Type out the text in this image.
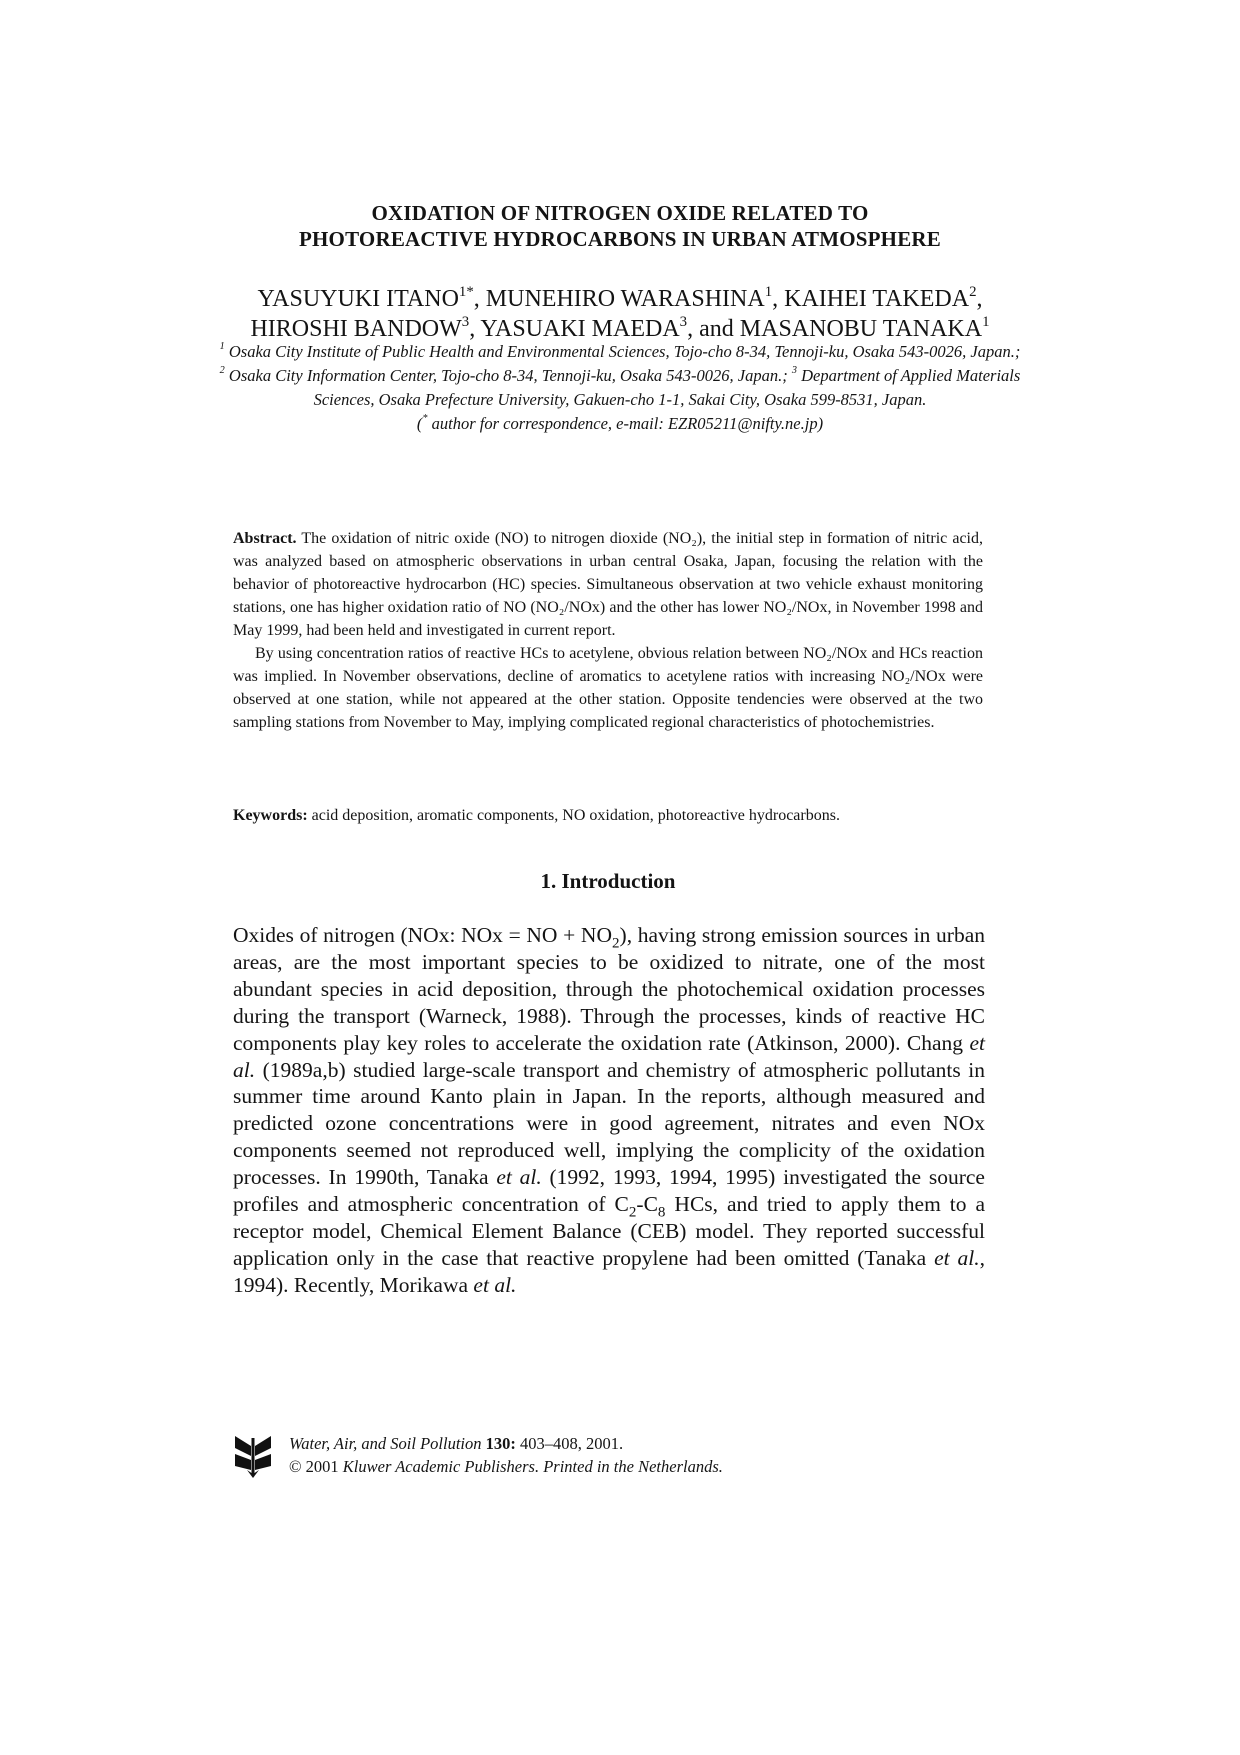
OXIDATION OF NITROGEN OXIDE RELATED TO
PHOTOREACTIVE HYDROCARBONS IN URBAN ATMOSPHERE
YASUYUKI $ITANO^{1*}$, MUNEHIRO WARASHINA$^1$, KAIHEI TAKEDA$^2$,
HIROSHI BANDOW$^3$, YASUAKI MAEDA$^3$, and MASANOBU TANAKA$^1$
$^1$ Osaka City Institute of Public Health and Environmental Sciences, Tojo-cho 8-34, Tennoji-ku, Osaka 543-0026, Japan.;
$^2$ Osaka City Information Center, Tojo-cho 8-34, Tennoji-ku, Osaka 543-0026, Japan.; $^3$ Department of Applied Materials Sciences, Osaka Prefecture University, Gakuen-cho 1-1, Sakai City, Osaka 599-8531, Japan.
(* author for correspondence, e-mail: EZR05211@nifty.ne.jp)

Abstract. The oxidation of nitric oxide (NO) to nitrogen dioxide (NO₂), the initial step in formation of nitric acid, was analyzed based on atmospheric observations in urban central Osaka, Japan, focusing the relation with the behavior of photoreactive hydrocarbon (HC) species. Simultaneous observation at two vehicle exhaust monitoring stations, one has higher oxidation ratio of NO (NO₂/NOx) and the other has lower NO₂/NOx, in November 1998 and May 1999, had been held and investigated in current report.

By using concentration ratios of reactive HCs to acetylene, obvious relation between NO₂/NOx and HCs reaction was implied. In November observations, decline of aromatics to acetylene ratios with increasing NO₂/NOx were observed at one station, while not appeared at the other station. Opposite tendencies were observed at the two sampling stations from November to May, implying complicated regional characteristics of photochemistries.

Keywords: acid deposition, aromatic components, NO oxidation, photoreactive hydrocarbons.
1. Introduction

Oxides of nitrogen (NOx: NOx = NO + $NO_2$), having strong emission sources in urban areas, are the most important species to be oxidized to nitrate, one of the most abundant species in acid deposition, through the photochemical oxidation processes during the transport (Warneck, 1988). Through the processes, kinds of reactive HC components play key roles to accelerate the oxidation rate (Atkinson, 2000). Chang et al. (1989a,b) studied large-scale transport and chemistry of atmospheric pollutants in summer time around Kanto plain in Japan. In the reports, although measured and predicted ozone concentrations were in good agreement, nitrates and even NOx components seemed not reproduced well, implying the complicity of the oxidation processes. In 1990th, Tanaka et al. (1992, 1993, 1994, 1995) investigated the source profiles and atmospheric concentration of $C_2-C_8$ HCs, and tried to apply them to a receptor model, Chemical Element Balance (CEB) model. They reported successful application only in the case that reactive propylene had been omitted (Tanaka et al., 1994). Recently, Morikawa et al.

Water, Air, and Soil Pollution 130: 403–408, 2001.
© 2001 Kluwer Academic Publishers. Printed in the Netherlands.
